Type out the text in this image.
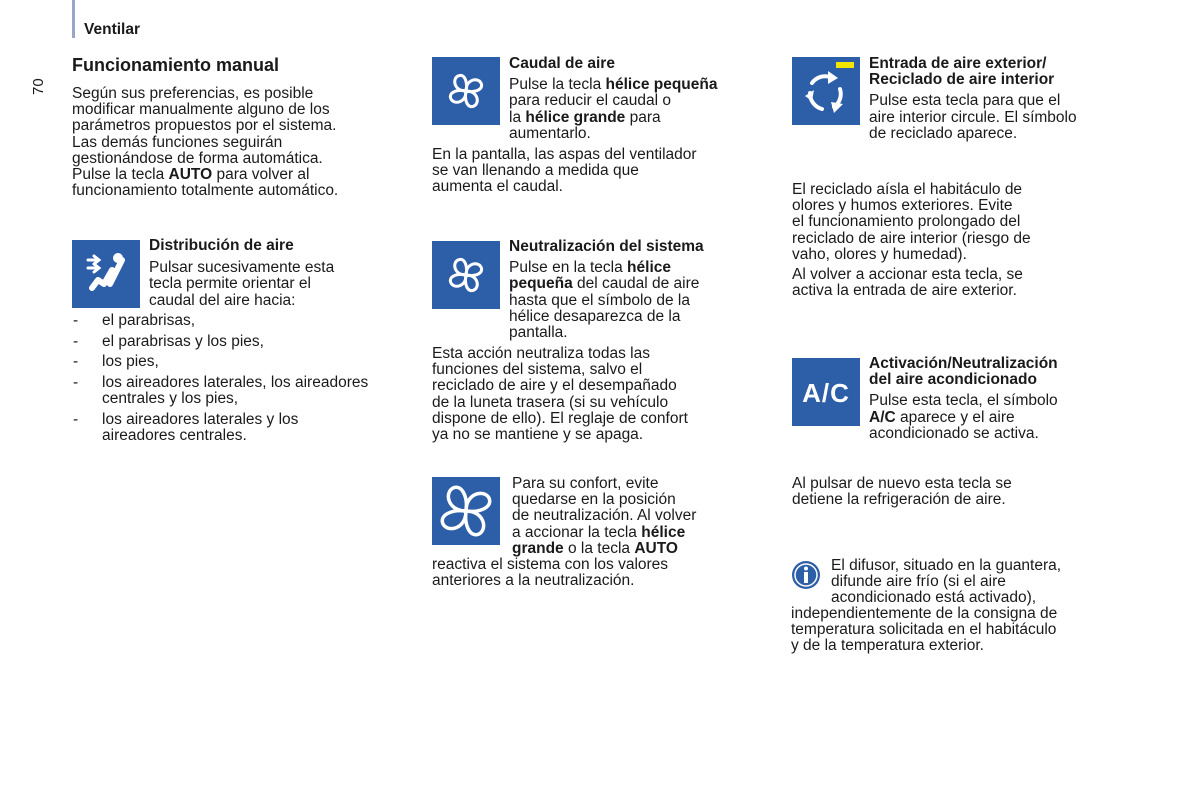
Ventilar
70

Funcionamiento manual

Según sus preferencias, es posible
modificar manualmente alguno de los
parámetros propuestos por el sistema.
Las demás funciones seguirán
gestionándose de forma automática.
Pulse la tecla AUTO para volver al
funcionamiento totalmente automático.

Distribución de aire

Pulsar sucesivamente esta
tecla permite orientar el
caudal del aire hacia:

- el parabrisas,
- el parabrisas y los pies,
- los pies,
- los aireadores laterales, los aireadores centrales y los pies,
- los aireadores laterales y los aireadores centrales.

Caudal de aire

Pulse la tecla hélice pequeña
para reducir el caudal o
la hélice grande para
aumentarlo.

En la pantalla, las aspas del ventilador
se van llenando a medida que
aumenta el caudal.

Neutralización del sistema

Pulse en la tecla hélice
pequeña del caudal de aire
hasta que el símbolo de la
hélice desaparezca de la
pantalla.

Esta acción neutraliza todas las
funciones del sistema, salvo el
reciclado de aire y el desempañado
de la luneta trasera (si su vehículo
dispone de ello). El reglaje de confort
ya no se mantiene y se apaga.

Para su confort, evite
quedarse en la posición
de neutralización. Al volver
a accionar la tecla hélice
grande o la tecla AUTO

reactiva el sistema con los valores
anteriores a la neutralización.

Entrada de aire exterior/
Reciclado de aire interior

Pulse esta tecla para que el
aire interior circule. El símbolo
de reciclado aparece.

El reciclado aísla el habitáculo de
olores y humos exteriores. Evite
el funcionamiento prolongado del
reciclado de aire interior (riesgo de
vaho, olores y humedad).

Al volver a accionar esta tecla, se
activa la entrada de aire exterior.

A/C

Activación/Neutralización
del aire acondicionado

Pulse esta tecla, el símbolo
A/C aparece y el aire
acondicionado se activa.

Al pulsar de nuevo esta tecla se
detiene la refrigeración de aire.

El difusor, situado en la guantera,
difunde aire frío (si el aire
acondicionado está activado),

independientemente de la consigna de
temperatura solicitada en el habitáculo
y de la temperatura exterior.
